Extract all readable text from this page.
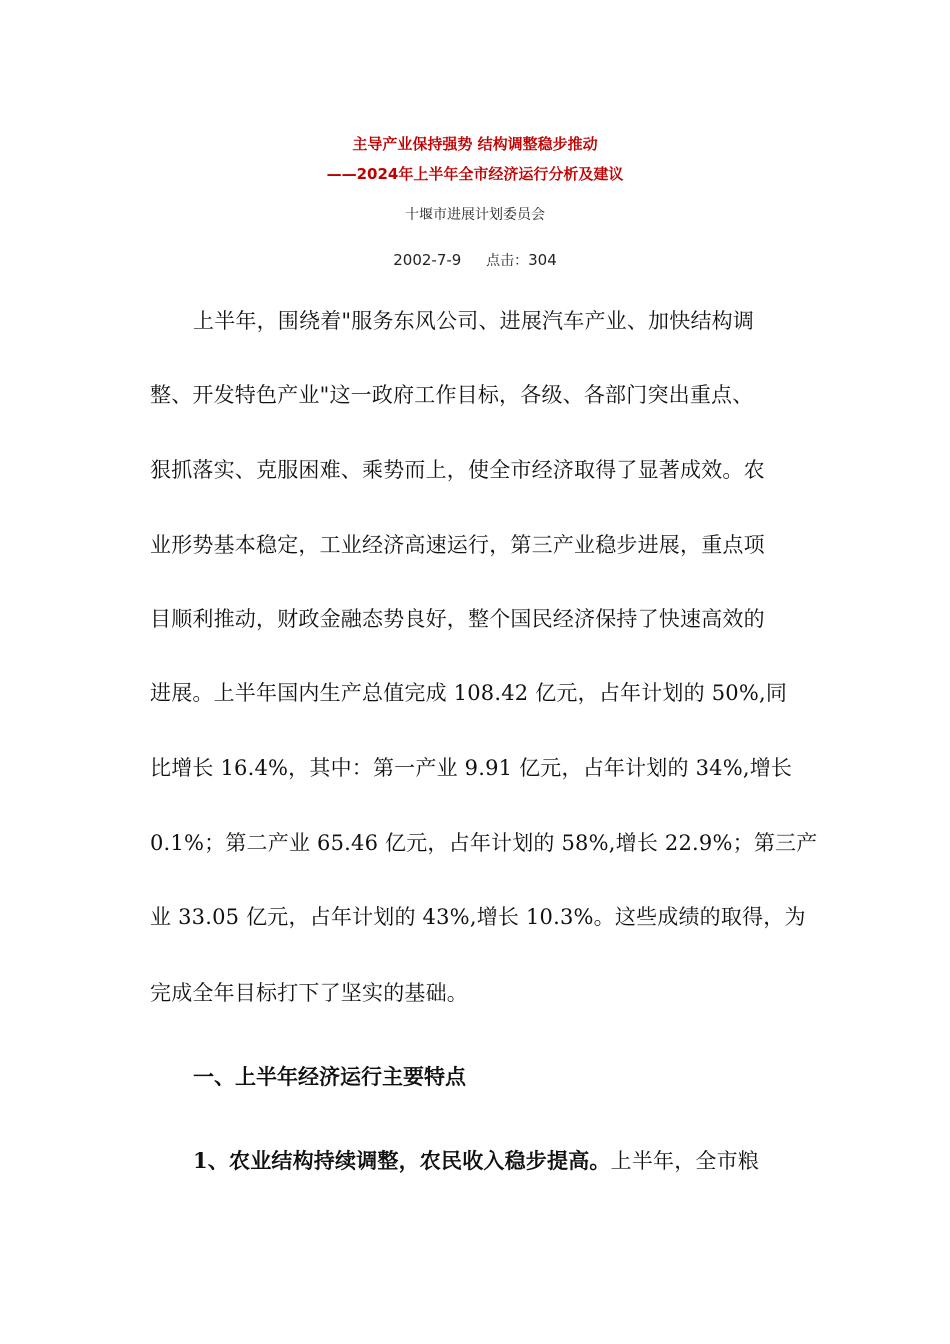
主导产业保持强势 结构调整稳步推动
——2024年上半年全市经济运行分析及建议
十堰市进展计划委员会
2002-7-9 点击：304
上半年，围绕着"服务东风公司、进展汽车产业、加快结构调
整、开发特色产业"这一政府工作目标，各级、各部门突出重点、
狠抓落实、克服困难、乘势而上，使全市经济取得了显著成效。农
业形势基本稳定，工业经济高速运行，第三产业稳步进展，重点项
目顺利推动，财政金融态势良好，整个国民经济保持了快速高效的
进展。上半年国内生产总值完成 108.42 亿元，占年计划的 50%,同
比增长 16.4%，其中：第一产业 9.91 亿元，占年计划的 34%,增长
0.1%；第二产业 65.46 亿元，占年计划的 58%,增长 22.9%；第三产
业 33.05 亿元，占年计划的 43%,增长 10.3%。这些成绩的取得，为
完成全年目标打下了坚实的基础。
一、上半年经济运行主要特点
1、农业结构持续调整，农民收入稳步提高。上半年，全市粮
